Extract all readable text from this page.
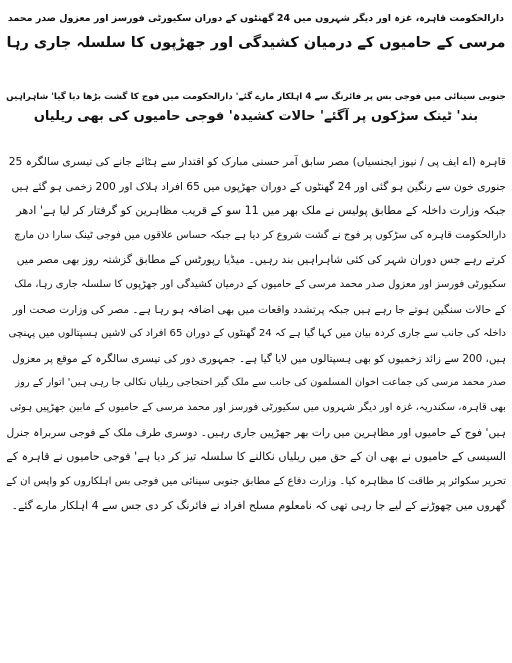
دارالحکومت قاہرہ، غزہ اور دیگر شہروں میں 24 گھنٹوں کے دوران سکیورٹی فورسز اور معزول صدر محمد
مرسی کے حامیوں کے درمیان کشیدگی اور جھڑپوں کا سلسلہ جاری رہا
جنوبی سینائی میں فوجی بس پر فائرنگ سے 4 اہلکار مارے گئے' دارالحکومت میں فوج کا گشت بڑھا دیا گیا' شاہراہیں
بند' ٹینک سڑکوں پر آگئے' حالات کشیدہ' فوجی حامیوں کی بھی ریلیاں
قاہرہ (اے ایف پی / نیوز ایجنسیاں) مصر سابق آمر حسنی مبارک کو اقتدار سے ہٹائے جانے کی تیسری سالگرہ 25
جنوری خون سے رنگین ہو گئی اور 24 گھنٹوں کے دوران جھڑپوں میں 65 افراد ہلاک اور 200 زخمی ہو گئے ہیں
جبکہ وزارت داخلہ کے مطابق پولیس نے ملک بھر میں 11 سو کے قریب مظاہرین کو گرفتار کر لیا ہے' ادھر
دارالحکومت قاہرہ کی سڑکوں پر فوج نے گشت شروع کر دیا ہے جبکہ حساس علاقوں میں فوجی ٹینک سارا دن مارچ
کرتے رہے جس دوران شہر کی کئی شاہراہیں بند رہیں۔ میڈیا رپورٹس کے مطابق گزشتہ روز بھی مصر میں
سکیورٹی فورسز اور معزول صدر محمد مرسی کے حامیوں کے درمیان کشیدگی اور جھڑپوں کا سلسلہ جاری رہا، ملک
کے حالات سنگین ہوتے جا رہے ہیں جبکہ پرتشدد واقعات میں بھی اضافہ ہو رہا ہے۔ مصر کی وزارت صحت اور
داخلہ کی جانب سے جاری کردہ بیان میں کہا گیا ہے کہ 24 گھنٹوں کے دوران 65 افراد کی لاشیں ہسپتالوں میں پہنچی
ہیں، 200 سے زائد زخمیوں کو بھی ہسپتالوں میں لایا گیا ہے۔ جمہوری دور کی تیسری سالگرہ کے موقع پر معزول
صدر محمد مرسی کی جماعت اخوان المسلمون کی جانب سے ملک گیر احتجاجی ریلیاں نکالی جا رہی ہیں' اتوار کے روز
بھی قاہرہ، سکندریہ، غزہ اور دیگر شہروں میں سکیورٹی فورسز اور محمد مرسی کے حامیوں کے مابین جھڑپیں ہوئی
ہیں' فوج کے حامیوں اور مظاہرین میں رات بھر جھڑپیں جاری رہیں۔ دوسری طرف ملک کے فوجی سربراہ جنرل
السیسی کے حامیوں نے بھی ان کے حق میں ریلیاں نکالنے کا سلسلہ تیز کر دیا ہے' فوجی حامیوں نے قاہرہ کے
تحریر سکوائر پر طاقت کا مظاہرہ کیا۔ وزارت دفاع کے مطابق جنوبی سینائی میں فوجی بس اہلکاروں کو واپس ان کے
گھروں میں چھوڑنے کے لیے جا رہی تھی کہ نامعلوم مسلح افراد نے فائرنگ کر دی جس سے 4 اہلکار مارے گئے۔
